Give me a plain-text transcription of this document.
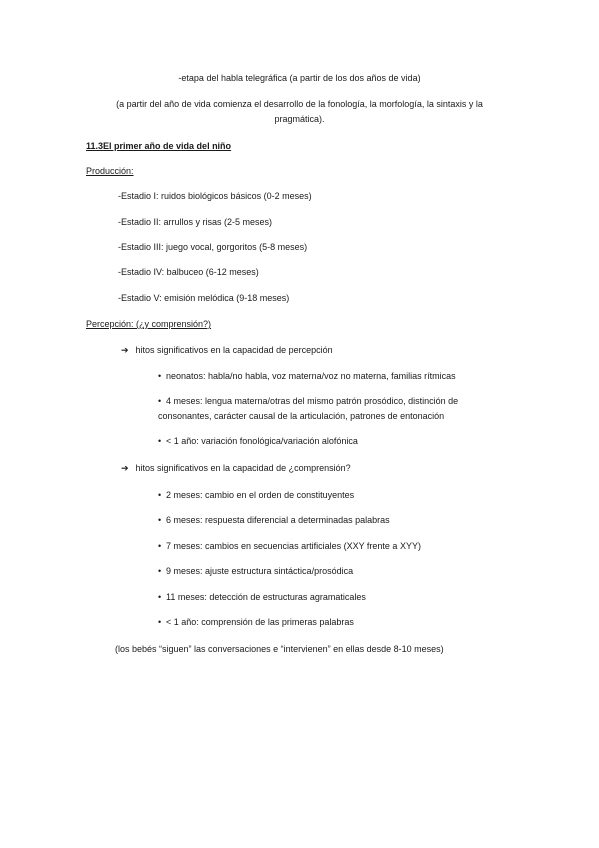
-etapa del habla telegráfica (a partir de los dos años de vida)
(a partir del año de vida comienza el desarrollo de la fonología, la morfología, la sintaxis y la
pragmática).
11.3El primer año de vida del niño
Producción:
-Estadio I: ruidos biológicos básicos (0-2 meses)
-Estadio II: arrullos y risas (2-5 meses)
-Estadio III: juego vocal, gorgoritos (5-8 meses)
-Estadio IV: balbuceo (6-12 meses)
-Estadio V: emisión melódica (9-18 meses)
Percepción: (¿y comprensión?)
➔ hitos significativos en la capacidad de percepción
• neonatos: habla/no habla, voz materna/voz no materna, familias rítmicas
• 4 meses: lengua materna/otras del mismo patrón prosódico, distinción de
consonantes, carácter causal de la articulación, patrones de entonación
• < 1 año: variación fonológica/variación alofónica
➔ hitos significativos en la capacidad de ¿comprensión?
• 2 meses: cambio en el orden de constituyentes
• 6 meses: respuesta diferencial a determinadas palabras
• 7 meses: cambios en secuencias artificiales (XXY frente a XYY)
• 9 meses: ajuste estructura sintáctica/prosódica
• 11 meses: detección de estructuras agramaticales
• < 1 año: comprensión de las primeras palabras
(los bebés “siguen” las conversaciones e “intervienen” en ellas desde 8-10 meses)
